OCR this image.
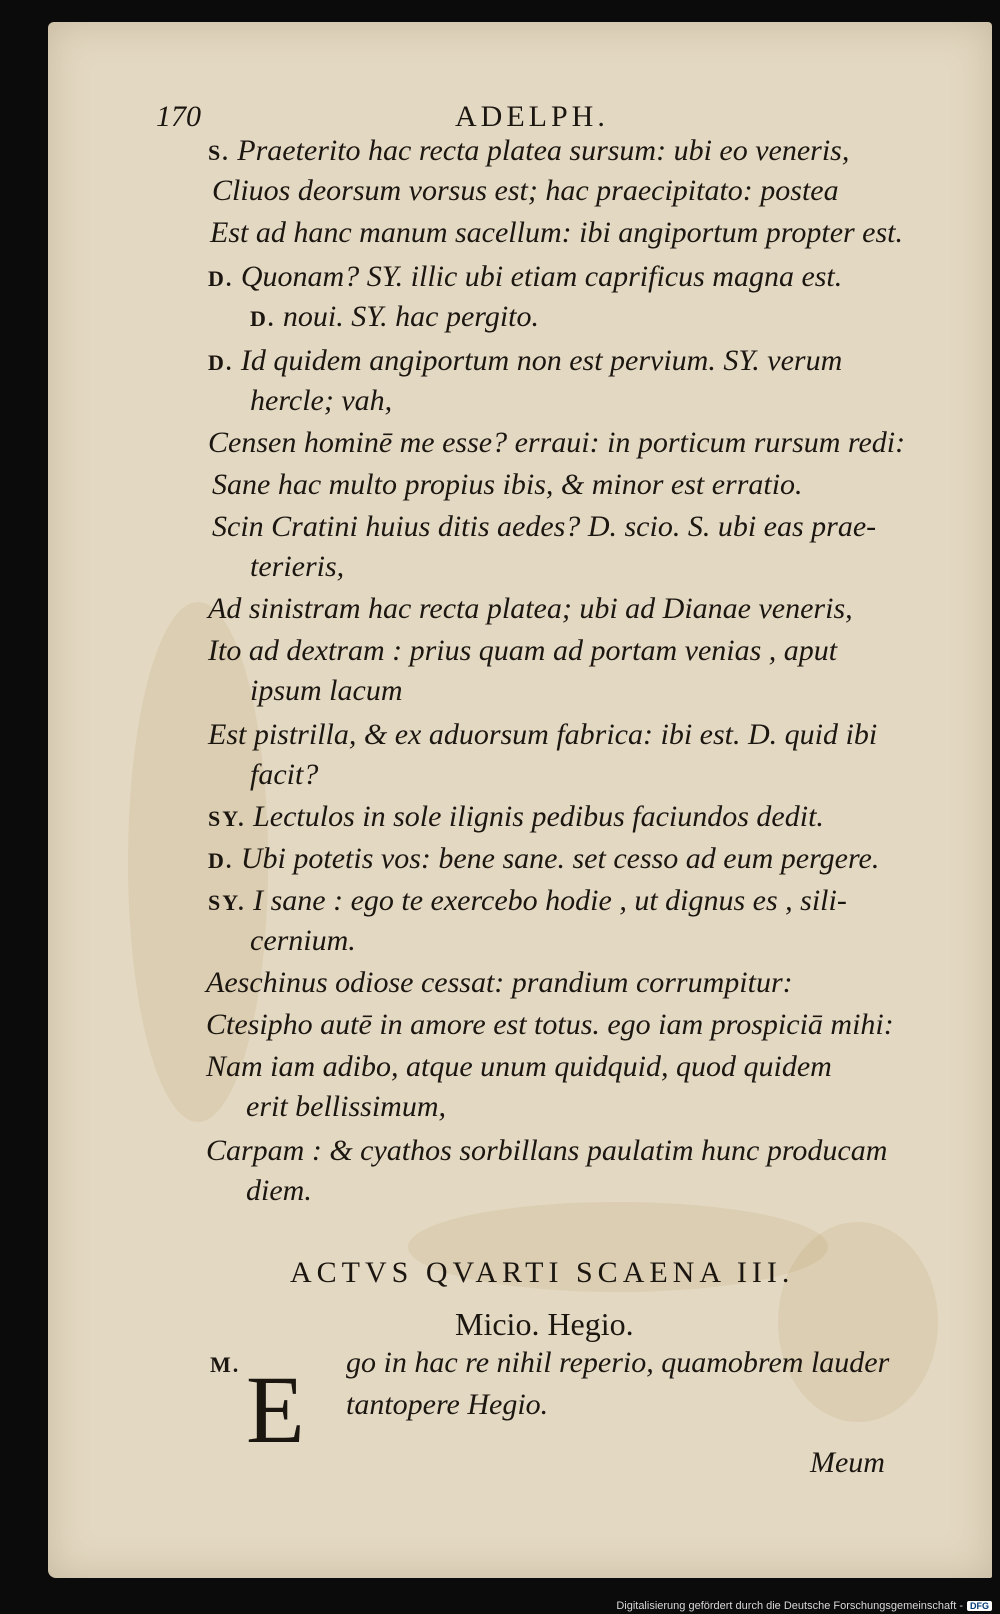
170	ADELPH.

S. Praeterito hac recta platea sursum: ubi eo veneris,

Cliuos deorsum vorsus est; hac praecipitato: postea

Est ad hanc manum sacellum: ibi angiportum propter est.

D. Quonam? SY. illic ubi etiam caprificus magna est.

D. noui. SY. hac pergito.

D. Id quidem angiportum non est pervium. SY. verum

hercle; vah,

Censen hominē me esse? erraui: in porticum rursum redi:

Sane hac multo propius ibis, & minor est erratio.

Scin Cratini huius ditis aedes? D. scio. S. ubi eas prae-

terieris,

Ad sinistram hac recta platea; ubi ad Dianae veneris,

Ito ad dextram : prius quam ad portam venias , aput

ipsum lacum

Est pistrilla, & ex aduorsum fabrica: ibi est. D. quid ibi

facit?

SY. Lectulos in sole ilignis pedibus faciundos dedit.

D. Ubi potetis vos: bene sane. set cesso ad eum pergere.

SY. I sane : ego te exercebo hodie , ut dignus es , sili-

cernium.

Aeschinus odiose cessat: prandium corrumpitur:

Ctesipho autē in amore est totus. ego iam prospiciā mihi:

Nam iam adibo, atque unum quidquid, quod quidem

erit bellissimum,

Carpam : & cyathos sorbillans paulatim hunc producam

diem.

M.	go in hac re nihil reperio, quamobrem lauder

tantopere Hegio.

ACTVS QVARTI SCAENA III.
Micio. Hegio.
E	Meum
Digitalisierung gefördert durch die Deutsche Forschungsgemeinschaft - DFG
